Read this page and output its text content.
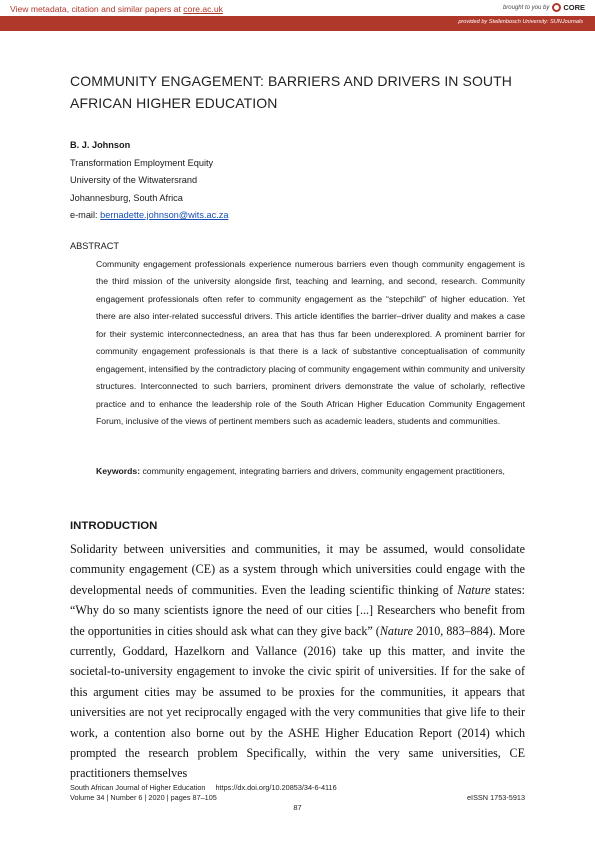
View metadata, citation and similar papers at core.ac.uk	brought to you by CORE
provided by Stellenbosch University: SUNJournals
COMMUNITY ENGAGEMENT: BARRIERS AND DRIVERS IN SOUTH AFRICAN HIGHER EDUCATION
B. J. Johnson
Transformation Employment Equity
University of the Witwatersrand
Johannesburg, South Africa
e-mail: bernadette.johnson@wits.ac.za
ABSTRACT

Community engagement professionals experience numerous barriers even though community engagement is the third mission of the university alongside first, teaching and learning, and second, research. Community engagement professionals often refer to community engagement as the “stepchild” of higher education. Yet there are also inter-related successful drivers. This article identifies the barrier–driver duality and makes a case for their systemic interconnectedness, an area that has thus far been underexplored. A prominent barrier for community engagement professionals is that there is a lack of substantive conceptualisation of community engagement, intensified by the contradictory placing of community engagement within community and university structures. Interconnected to such barriers, prominent drivers demonstrate the value of scholarly, reflective practice and to enhance the leadership role of the South African Higher Education Community Engagement Forum, inclusive of the views of pertinent members such as academic leaders, students and communities.

Keywords: community engagement, integrating barriers and drivers, community engagement practitioners,

INTRODUCTION

Solidarity between universities and communities, it may be assumed, would consolidate community engagement (CE) as a system through which universities could engage with the developmental needs of communities. Even the leading scientific thinking of Nature states: “Why do so many scientists ignore the need of our cities [...] Researchers who benefit from the opportunities in cities should ask what can they give back” (Nature 2010, 883–884). More currently, Goddard, Hazelkorn and Vallance (2016) take up this matter, and invite the societal-to-university engagement to invoke the civic spirit of universities. If for the sake of this argument cities may be assumed to be proxies for the communities, it appears that universities are not yet reciprocally engaged with the very communities that give life to their work, a contention also borne out by the ASHE Higher Education Report (2014) which prompted the research problem Specifically, within the very same universities, CE practitioners themselves

South African Journal of Higher Education https://dx.doi.org/10.20853/34-6-4116
Volume 34 | Number 6 | 2020 | pages 87‒105	eISSN 1753-5913
87
